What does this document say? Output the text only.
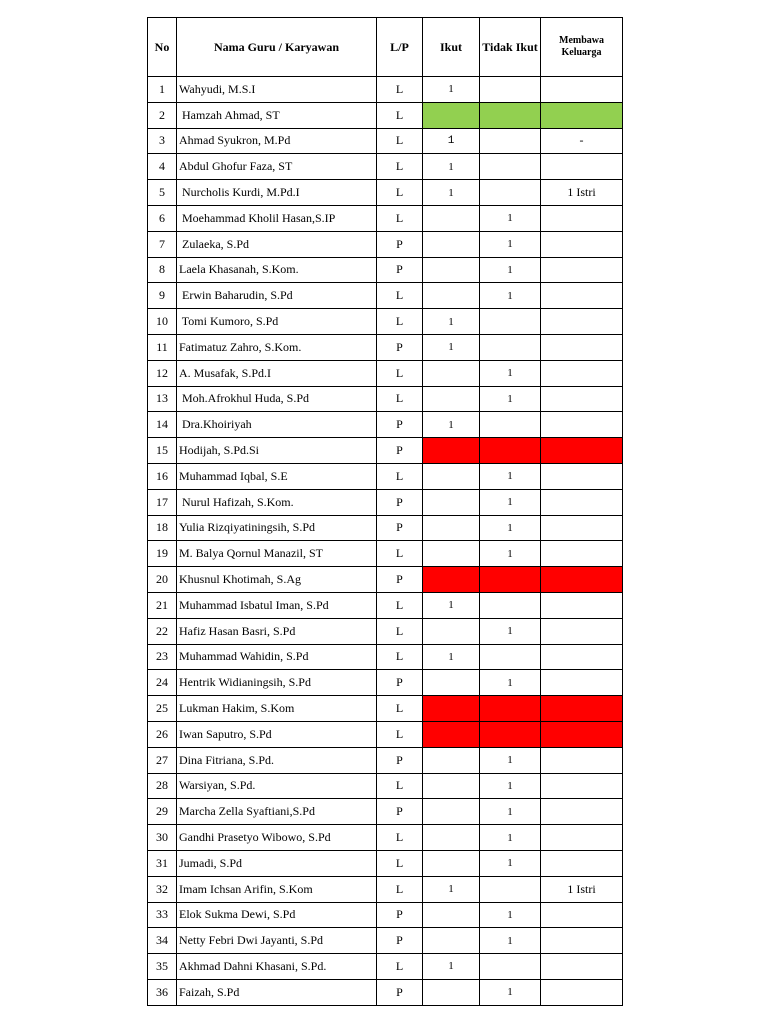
No	Nama Guru / Karyawan	L/P	Ikut	Tidak Ikut	Membawa Keluarga
1	Wahyudi, M.S.I	L	1		
2	Hamzah Ahmad, ST	L			
3	Ahmad Syukron, M.Pd	L	1		-
4	Abdul Ghofur Faza, ST	L	1		
5	Nurcholis Kurdi, M.Pd.I	L	1		1 Istri
6	Moehammad Kholil Hasan,S.IP	L		1	
7	Zulaeka, S.Pd	P		1	
8	Laela Khasanah, S.Kom.	P		1	
9	Erwin Baharudin, S.Pd	L		1	
10	Tomi Kumoro, S.Pd	L	1		
11	Fatimatuz Zahro, S.Kom.	P	1		
12	A. Musafak, S.Pd.I	L		1	
13	Moh.Afrokhul Huda, S.Pd	L		1	
14	Dra.Khoiriyah	P	1		
15	Hodijah, S.Pd.Si	P			
16	Muhammad Iqbal, S.E	L		1	
17	Nurul Hafizah, S.Kom.	P		1	
18	Yulia Rizqiyatiningsih, S.Pd	P		1	
19	M. Balya Qornul Manazil, ST	L		1	
20	Khusnul Khotimah, S.Ag	P			
21	Muhammad Isbatul Iman, S.Pd	L	1		
22	Hafiz Hasan Basri, S.Pd	L		1	
23	Muhammad Wahidin, S.Pd	L	1		
24	Hentrik Widianingsih, S.Pd	P		1	
25	Lukman Hakim, S.Kom	L			
26	Iwan Saputro, S.Pd	L			
27	Dina Fitriana, S.Pd.	P		1	
28	Warsiyan, S.Pd.	L		1	
29	Marcha Zella Syaftiani,S.Pd	P		1	
30	Gandhi Prasetyo Wibowo, S.Pd	L		1	
31	Jumadi, S.Pd	L		1	
32	Imam Ichsan Arifin, S.Kom	L	1		1 Istri
33	Elok Sukma Dewi, S.Pd	P		1	
34	Netty Febri Dwi Jayanti, S.Pd	P		1	
35	Akhmad Dahni Khasani, S.Pd.	L	1		
36	Faizah, S.Pd	P		1	
